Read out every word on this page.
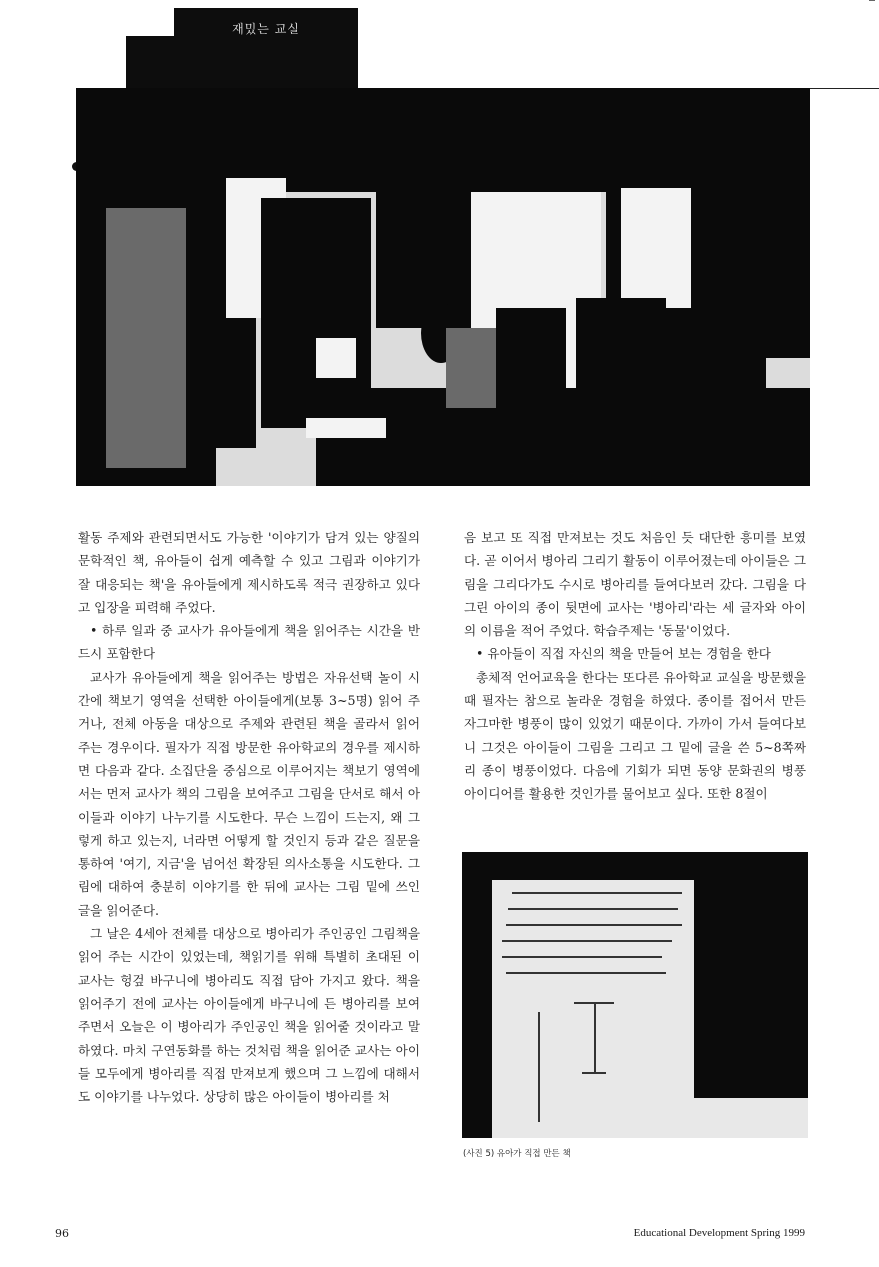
재밌는 교실

활동 주제와 관련되면서도 가능한 '이야기가 담겨 있는 양질의 문학적인 책, 유아들이 쉽게 예측할 수 있고 그림과 이야기가 잘 대응되는 책'을 유아들에게 제시하도록 적극 권장하고 있다고 입장을 피력해 주었다.

• 하루 일과 중 교사가 유아들에게 책을 읽어주는 시간을 반드시 포함한다

교사가 유아들에게 책을 읽어주는 방법은 자유선택 놀이 시간에 책보기 영역을 선택한 아이들에게(보통 3~5명) 읽어 주거나, 전체 아동을 대상으로 주제와 관련된 책을 골라서 읽어 주는 경우이다. 필자가 직접 방문한 유아학교의 경우를 제시하면 다음과 같다. 소집단을 중심으로 이루어지는 책보기 영역에서는 먼저 교사가 책의 그림을 보여주고 그림을 단서로 해서 아이들과 이야기 나누기를 시도한다. 무슨 느낌이 드는지, 왜 그렇게 하고 있는지, 너라면 어떻게 할 것인지 등과 같은 질문을 통하여 '여기, 지금'을 넘어선 확장된 의사소통을 시도한다. 그림에 대하여 충분히 이야기를 한 뒤에 교사는 그림 밑에 쓰인 글을 읽어준다.

그 날은 4세아 전체를 대상으로 병아리가 주인공인 그림책을 읽어 주는 시간이 있었는데, 책읽기를 위해 특별히 초대된 이 교사는 헝겊 바구니에 병아리도 직접 담아 가지고 왔다. 책을 읽어주기 전에 교사는 아이들에게 바구니에 든 병아리를 보여주면서 오늘은 이 병아리가 주인공인 책을 읽어줄 것이라고 말하였다. 마치 구연동화를 하는 것처럼 책을 읽어준 교사는 아이들 모두에게 병아리를 직접 만져보게 했으며 그 느낌에 대해서도 이야기를 나누었다. 상당히 많은 아이들이 병아리를 처

음 보고 또 직접 만져보는 것도 처음인 듯 대단한 흥미를 보였다. 곧 이어서 병아리 그리기 활동이 이루어졌는데 아이들은 그림을 그리다가도 수시로 병아리를 들여다보러 갔다. 그림을 다 그린 아이의 종이 뒷면에 교사는 '병아리'라는 세 글자와 아이의 이름을 적어 주었다. 학습주제는 '동물'이었다.

• 유아들이 직접 자신의 책을 만들어 보는 경험을 한다

총체적 언어교육을 한다는 또다른 유아학교 교실을 방문했을 때 필자는 참으로 놀라운 경험을 하였다. 종이를 접어서 만든 자그마한 병풍이 많이 있었기 때문이다. 가까이 가서 들여다보니 그것은 아이들이 그림을 그리고 그 밑에 글을 쓴 5~8쪽짜리 종이 병풍이었다. 다음에 기회가 되면 동양 문화권의 병풍 아이디어를 활용한 것인가를 물어보고 싶다. 또한 8절이

(사진 5) 유아가 직접 만든 책
96	Educational Development Spring 1999
